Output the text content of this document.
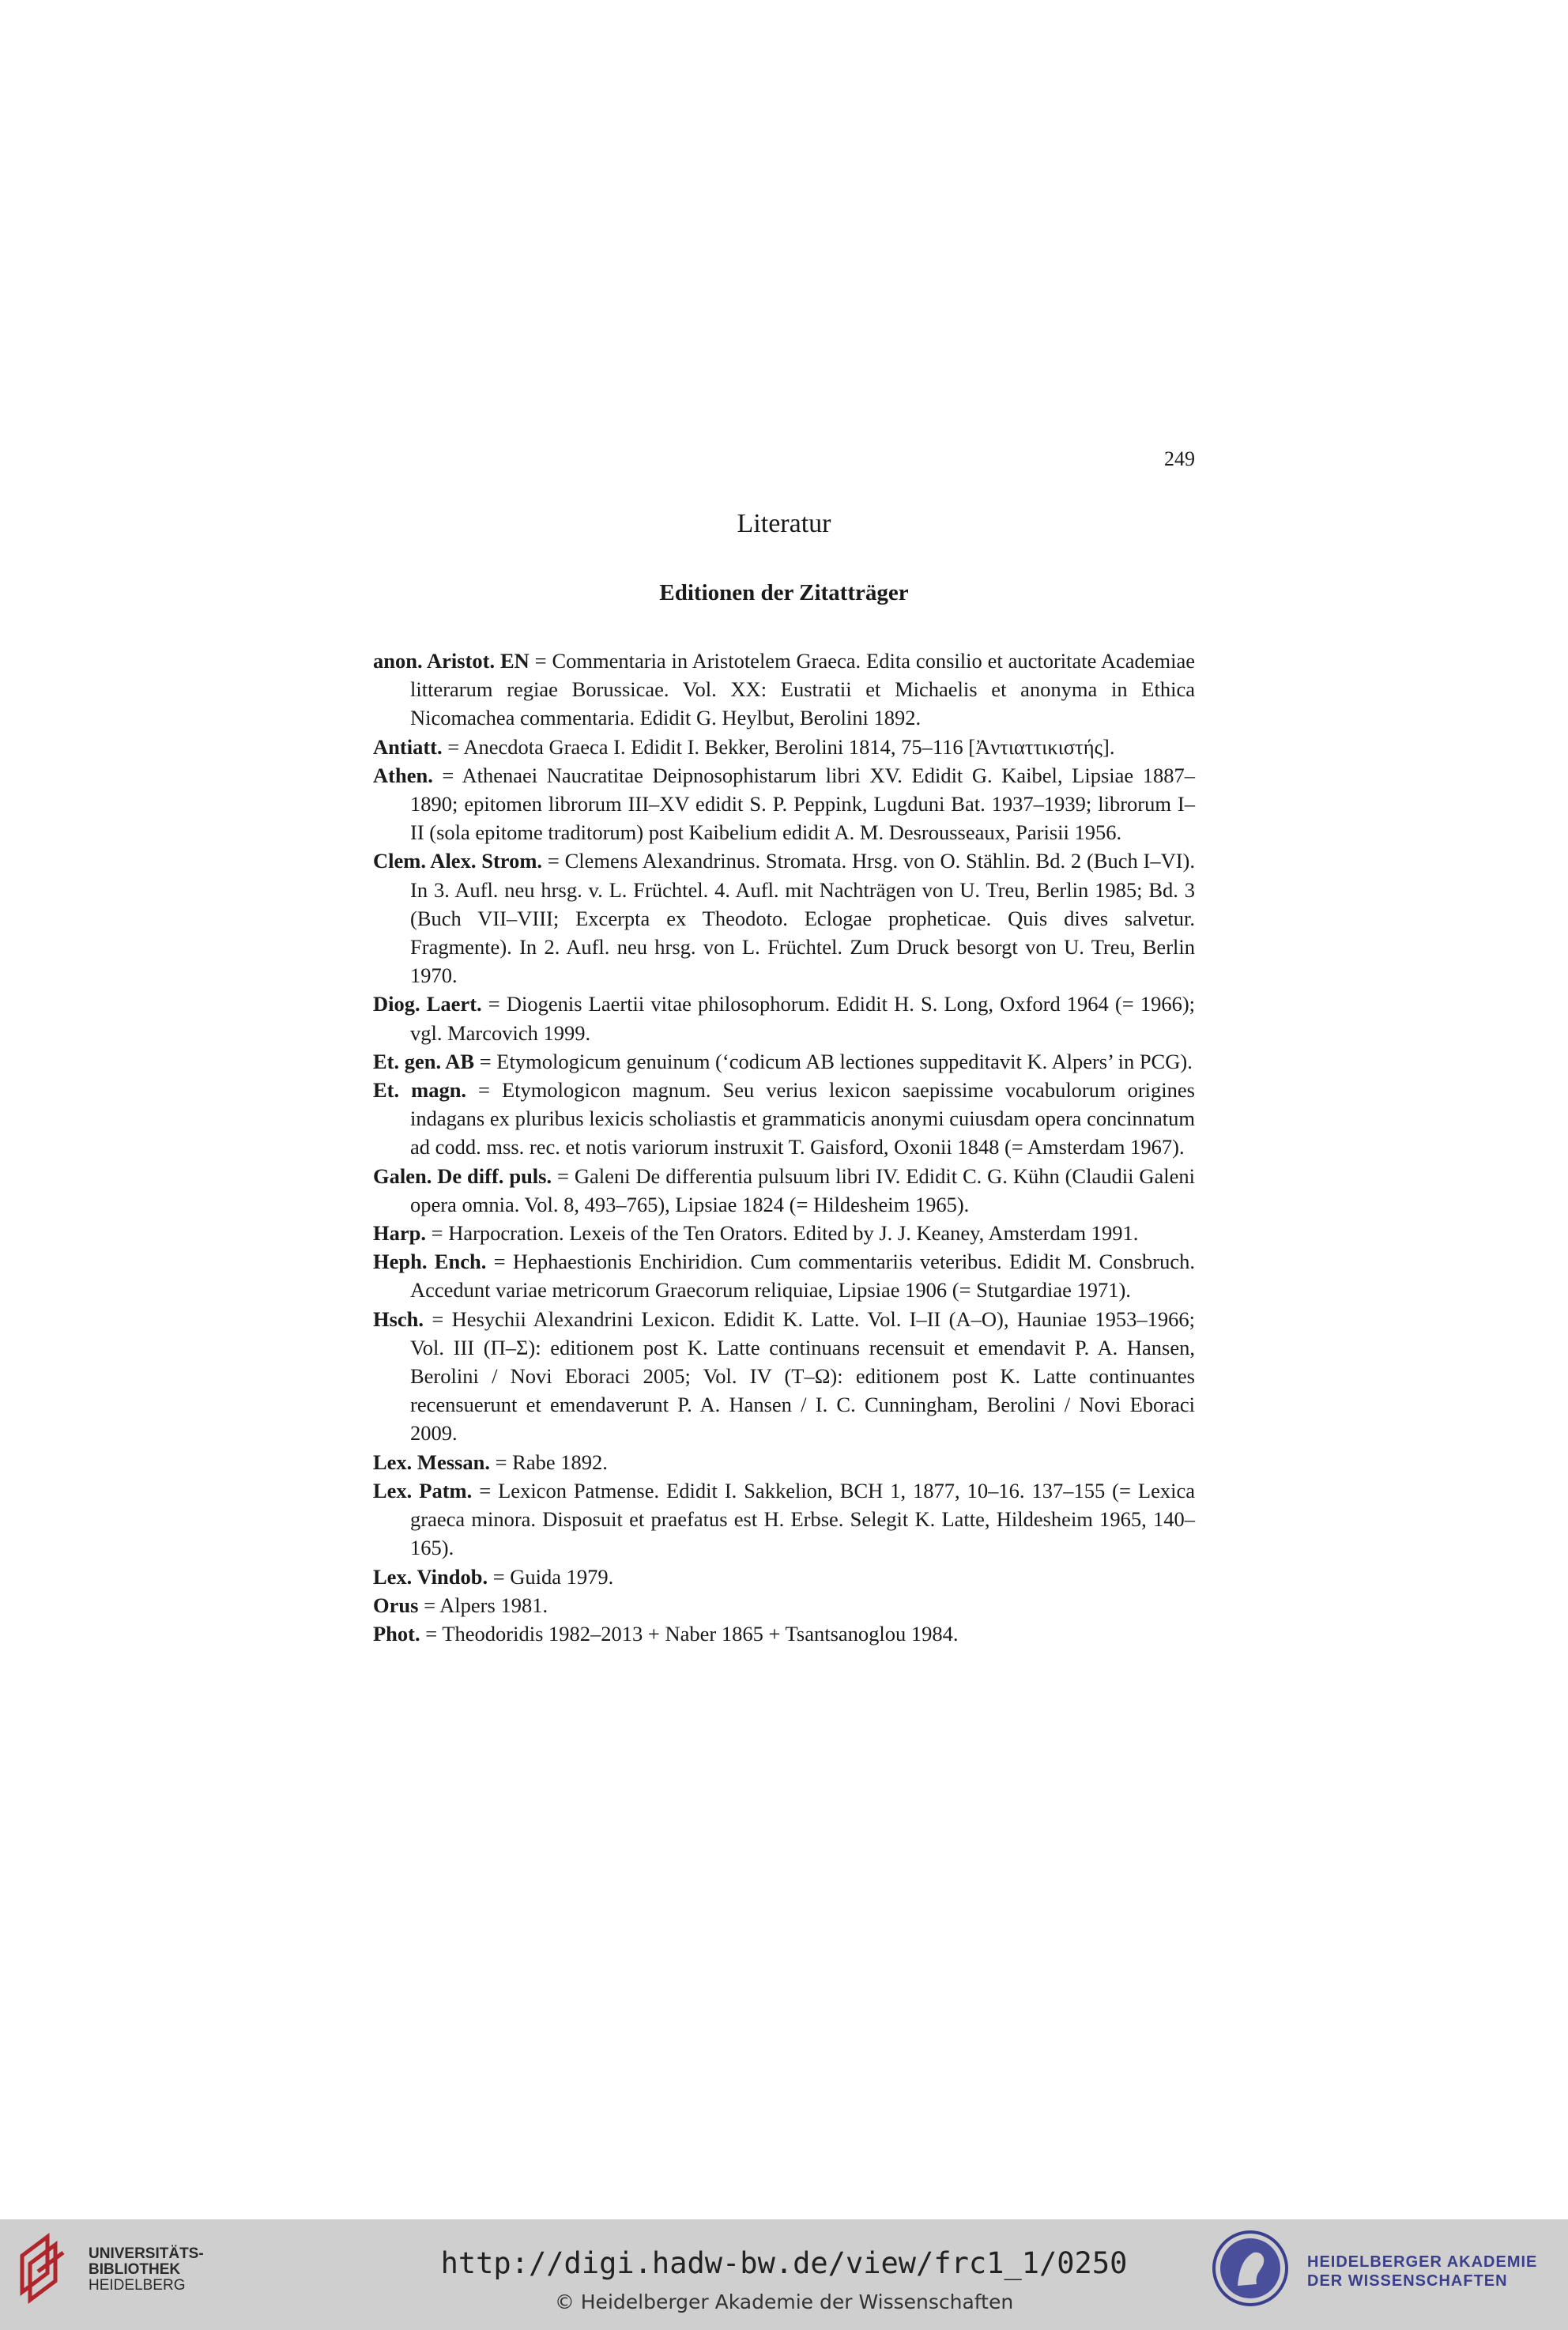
249
Literatur
Editionen der Zitatträger

anon. Aristot. EN = Commentaria in Aristotelem Graeca. Edita consilio et auctoritate Academiae litterarum regiae Borussicae. Vol. XX: Eustratii et Michaelis et anonyma in Ethica Nicomachea commentaria. Edidit G. Heylbut, Berolini 1892.

Antiatt. = Anecdota Graeca I. Edidit I. Bekker, Berolini 1814, 75–116 [Ἀντιαττικιστής].

Athen. = Athenaei Naucratitae Deipnosophistarum libri XV. Edidit G. Kaibel, Lipsiae 1887–1890; epitomen librorum III–XV edidit S. P. Peppink, Lugduni Bat. 1937–1939; librorum I–II (sola epitome traditorum) post Kaibelium edidit A. M. Desrousseaux, Parisii 1956.

Clem. Alex. Strom. = Clemens Alexandrinus. Stromata. Hrsg. von O. Stählin. Bd. 2 (Buch I–VI). In 3. Aufl. neu hrsg. v. L. Früchtel. 4. Aufl. mit Nachträgen von U. Treu, Berlin 1985; Bd. 3 (Buch VII–VIII; Excerpta ex Theodoto. Eclogae propheticae. Quis dives salvetur. Fragmente). In 2. Aufl. neu hrsg. von L. Früchtel. Zum Druck besorgt von U. Treu, Berlin 1970.

Diog. Laert. = Diogenis Laertii vitae philosophorum. Edidit H. S. Long, Oxford 1964 (= 1966); vgl. Marcovich 1999.

Et. gen. AB = Etymologicum genuinum (‘codicum AB lectiones suppeditavit K. Alpers’ in PCG).

Et. magn. = Etymologicon magnum. Seu verius lexicon saepissime vocabulorum origines indagans ex pluribus lexicis scholiastis et grammaticis anonymi cuiusdam opera concinnatum ad codd. mss. rec. et notis variorum instruxit T. Gaisford, Oxonii 1848 (= Amsterdam 1967).

Galen. De diff. puls. = Galeni De differentia pulsuum libri IV. Edidit C. G. Kühn (Claudii Galeni opera omnia. Vol. 8, 493–765), Lipsiae 1824 (= Hildesheim 1965).

Harp. = Harpocration. Lexeis of the Ten Orators. Edited by J. J. Keaney, Amsterdam 1991.

Heph. Ench. = Hephaestionis Enchiridion. Cum commentariis veteribus. Edidit M. Consbruch. Accedunt variae metricorum Graecorum reliquiae, Lipsiae 1906 (= Stutgardiae 1971).

Hsch. = Hesychii Alexandrini Lexicon. Edidit K. Latte. Vol. I–II (A–O), Hauniae 1953–1966; Vol. III (Π–Σ): editionem post K. Latte continuans recensuit et emendavit P. A. Hansen, Berolini / Novi Eboraci 2005; Vol. IV (T–Ω): editionem post K. Latte continuantes recensuerunt et emendaverunt P. A. Hansen / I. C. Cunningham, Berolini / Novi Eboraci 2009.

Lex. Messan. = Rabe 1892.

Lex. Patm. = Lexicon Patmense. Edidit I. Sakkelion, BCH 1, 1877, 10–16. 137–155 (= Lexica graeca minora. Disposuit et praefatus est H. Erbse. Selegit K. Latte, Hildesheim 1965, 140–165).

Lex. Vindob. = Guida 1979.

Orus = Alpers 1981.

Phot. = Theodoridis 1982–2013 + Naber 1865 + Tsantsanoglou 1984.

UNIVERSITÄTS-
BIBLIOTHEK
HEIDELBERG
http://digi.hadw-bw.de/view/frc1_1/0250
© Heidelberger Akademie der Wissenschaften
HEIDELBERGER AKADEMIE
DER WISSENSCHAFTEN
